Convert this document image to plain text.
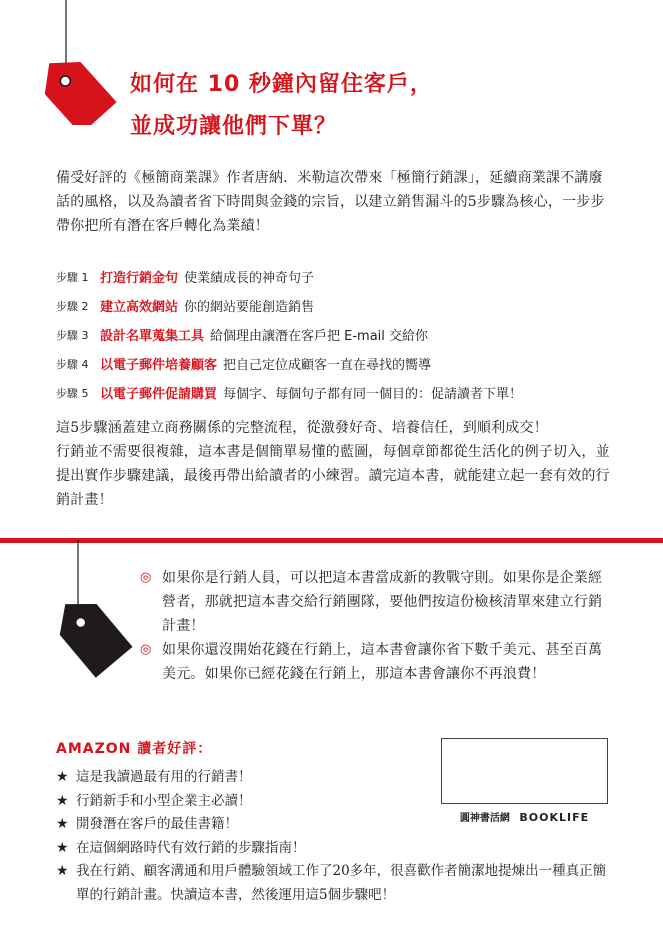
如何在 10 秒鐘內留住客戶，
並成功讓他們下單？
備受好評的《極簡商業課》作者唐納．米勒這次帶來「極簡行銷課」，延續商業課不講廢話的風格，以及為讀者省下時間與金錢的宗旨，以建立銷售漏斗的5步驟為核心，一步步帶你把所有潛在客戶轉化為業績！
步驟 1 打造行銷金句 使業績成長的神奇句子
步驟 2 建立高效網站 你的網站要能創造銷售
步驟 3 設計名單蒐集工具 給個理由讓潛在客戶把 E-mail 交給你
步驟 4 以電子郵件培養顧客 把自己定位成顧客一直在尋找的嚮導
步驟 5 以電子郵件促請購買 每個字、每個句子都有同一個目的：促請讀者下單！
這5步驟涵蓋建立商務關係的完整流程，從激發好奇、培養信任，到順利成交！
行銷並不需要很複雜，這本書是個簡單易懂的藍圖，每個章節都從生活化的例子切入，並提出實作步驟建議，最後再帶出給讀者的小練習。讀完這本書，就能建立起一套有效的行銷計畫！
◎ 如果你是行銷人員，可以把這本書當成新的教戰守則。如果你是企業經營者，那就把這本書交給行銷團隊，要他們按這份檢核清單來建立行銷計畫！
◎ 如果你還沒開始花錢在行銷上，這本書會讓你省下數千美元、甚至百萬美元。如果你已經花錢在行銷上，那這本書會讓你不再浪費！
AMAZON 讀者好評：
★ 這是我讀過最有用的行銷書！
★ 行銷新手和小型企業主必讀！
★ 開發潛在客戶的最佳書籍！
★ 在這個網路時代有效行銷的步驟指南！
★ 我在行銷、顧客溝通和用戶體驗領域工作了20多年，很喜歡作者簡潔地提煉出一種真正簡單的行銷計畫。快讀這本書，然後運用這5個步驟吧！
圓神書活網 BOOKLIFE
